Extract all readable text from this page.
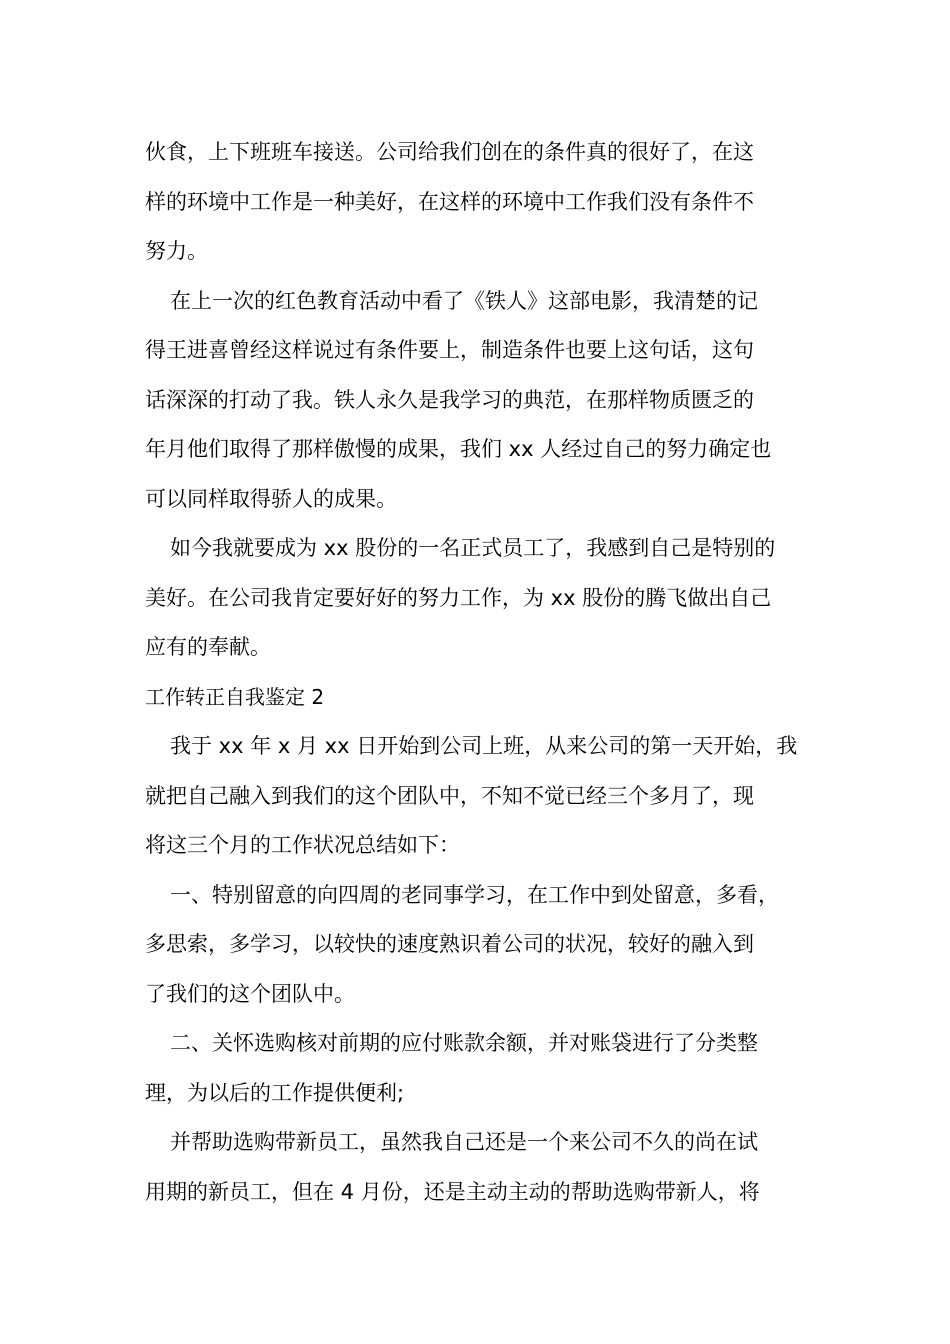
伙食，上下班班车接送。公司给我们创在的条件真的很好了，在这
样的环境中工作是一种美好，在这样的环境中工作我们没有条件不
努力。
在上一次的红色教育活动中看了《铁人》这部电影，我清楚的记
得王进喜曾经这样说过有条件要上，制造条件也要上这句话，这句
话深深的打动了我。铁人永久是我学习的典范，在那样物质匮乏的
年月他们取得了那样傲慢的成果，我们 xx 人经过自己的努力确定也
可以同样取得骄人的成果。
如今我就要成为 xx 股份的一名正式员工了，我感到自己是特别的
美好。在公司我肯定要好好的努力工作，为 xx 股份的腾飞做出自己
应有的奉献。
工作转正自我鉴定 2
我于 xx 年 x 月 xx 日开始到公司上班，从来公司的第一天开始，我
就把自己融入到我们的这个团队中，不知不觉已经三个多月了，现
将这三个月的工作状况总结如下：
一、特别留意的向四周的老同事学习，在工作中到处留意，多看，
多思索，多学习，以较快的速度熟识着公司的状况，较好的融入到
了我们的这个团队中。
二、关怀选购核对前期的应付账款余额，并对账袋进行了分类整
理，为以后的工作提供便利;
并帮助选购带新员工，虽然我自己还是一个来公司不久的尚在试
用期的新员工，但在 4 月份，还是主动主动的帮助选购带新人，将
